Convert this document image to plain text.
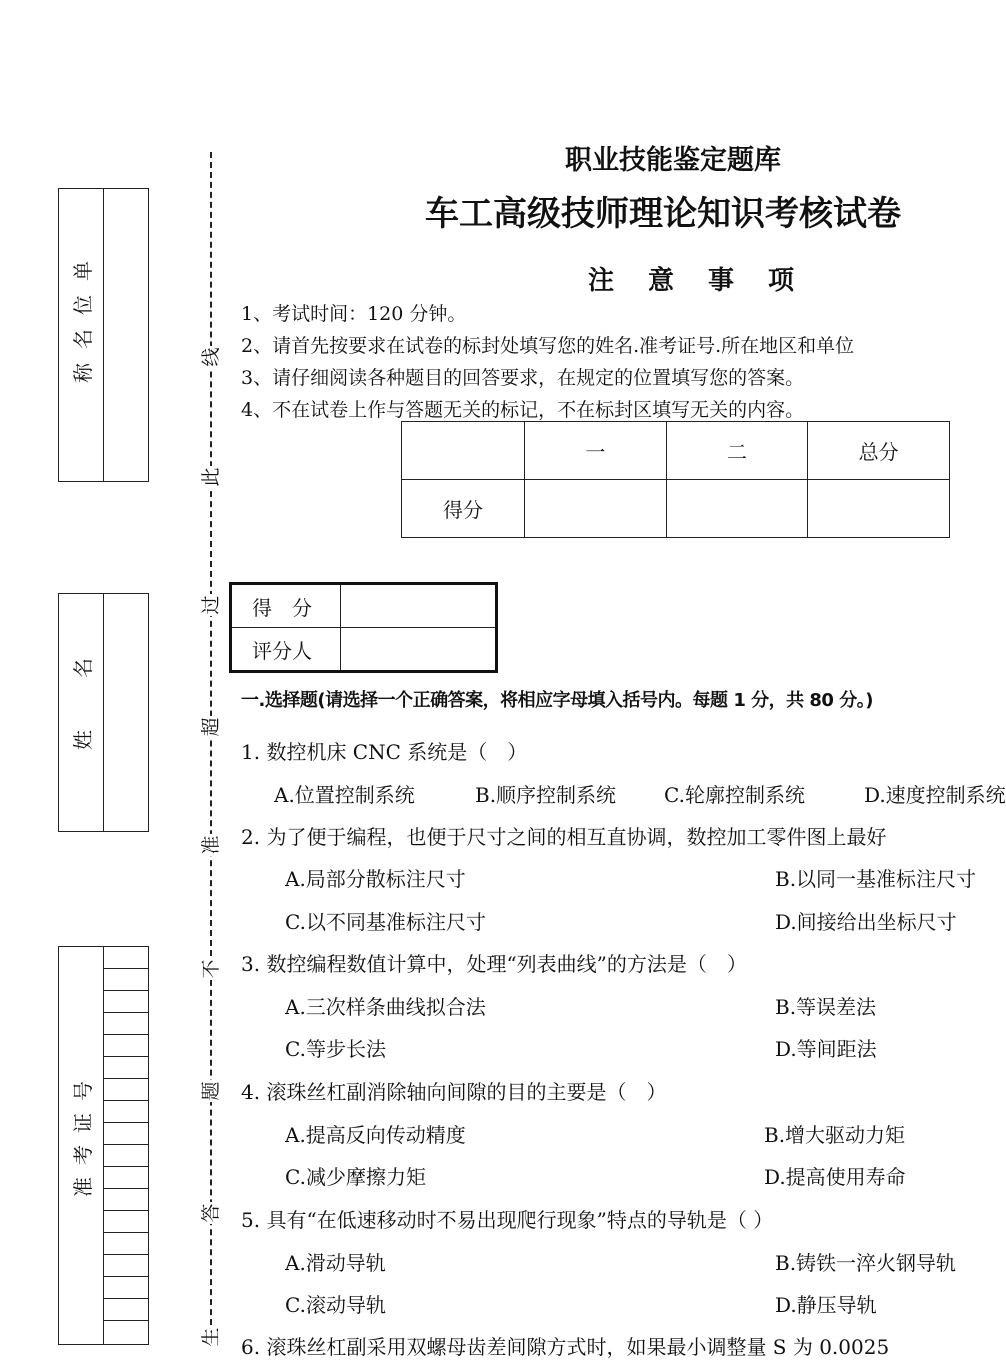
职业技能鉴定题库
车工高级技师理论知识考核试卷
单
位
名
称
名
姓
号
证
考
准
线
此
过
超
准
不
题
答
生
注意事项
1、考试时间：120 分钟。
2、请首先按要求在试卷的标封处填写您的姓名.准考证号.所在地区和单位
3、请仔细阅读各种题目的回答要求，在规定的位置填写您的答案。
4、不在试卷上作与答题无关的标记，不在标封区填写无关的内容。
	一	二	总分
得分			
得　分	
评分人	
一.选择题(请选择一个正确答案，将相应字母填入括号内。每题 1 分，共 80 分。)
1. 数控机床 CNC 系统是（　）
A.位置控制系统	B.顺序控制系统 C.轮廓控制系统	D.速度控制系统
2. 为了便于编程，也便于尺寸之间的相互直协调，数控加工零件图上最好
A.局部分散标注尺寸	B.以同一基准标注尺寸
C.以不同基准标注尺寸	D.间接给出坐标尺寸
3. 数控编程数值计算中，处理“列表曲线”的方法是（　）
A.三次样条曲线拟合法	B.等误差法
C.等步长法	D.等间距法
4. 滚珠丝杠副消除轴向间隙的目的主要是（　）
A.提高反向传动精度	B.增大驱动力矩
C.减少摩擦力矩	D.提高使用寿命
5. 具有“在低速移动时不易出现爬行现象”特点的导轨是（ ）
A.滑动导轨	B.铸铁一淬火钢导轨
C.滚动导轨	D.静压导轨
6. 滚珠丝杠副采用双螺母齿差间隙方式时，如果最小调整量 S 为 0.0025
